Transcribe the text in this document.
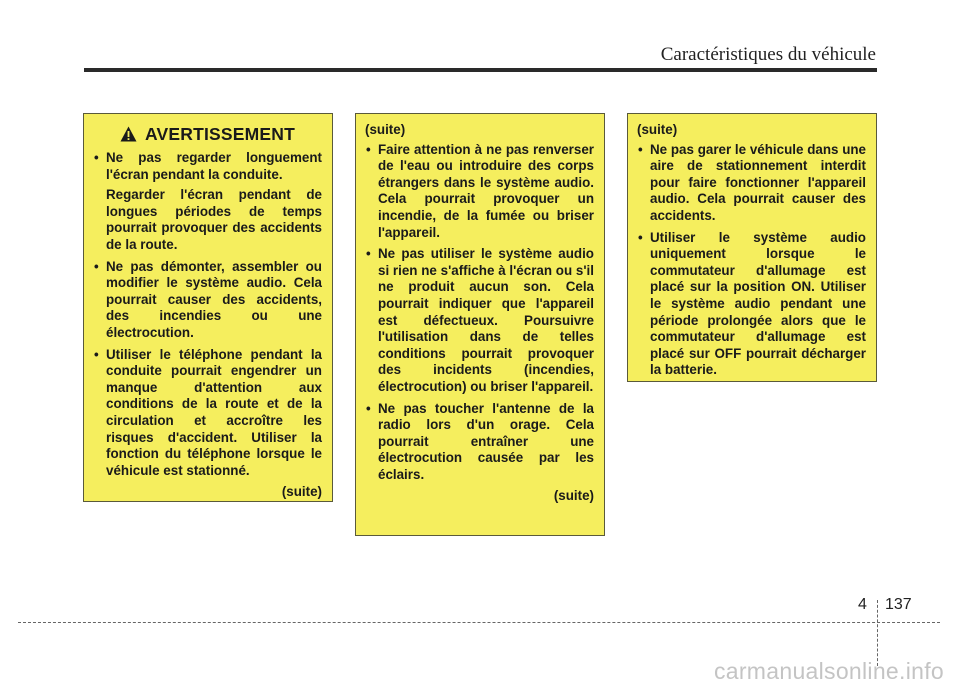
Caractéristiques du véhicule
AVERTISSEMENT

• Ne pas regarder longuement l'écran pendant la conduite.

Regarder l'écran pendant de longues périodes de temps pourrait provoquer des accidents de la route.

• Ne pas démonter, assembler ou modifier le système audio. Cela pourrait causer des accidents, des incendies ou une électrocution.

• Utiliser le téléphone pendant la conduite pourrait engendrer un manque d'attention aux conditions de la route et de la circulation et accroître les risques d'accident. Utiliser la fonction du téléphone lorsque le véhicule est stationné.

(suite)
(suite)

• Faire attention à ne pas renverser de l'eau ou introduire des corps étrangers dans le système audio. Cela pourrait provoquer un incendie, de la fumée ou briser l'appareil.

• Ne pas utiliser le système audio si rien ne s'affiche à l'écran ou s'il ne produit aucun son. Cela pourrait indiquer que l'appareil est défectueux. Poursuivre l'utilisation dans de telles conditions pourrait provoquer des incidents (incendies, électrocution) ou briser l'appareil.

• Ne pas toucher l'antenne de la radio lors d'un orage. Cela pourrait entraîner une électrocution causée par les éclairs.

(suite)
(suite)

• Ne pas garer le véhicule dans une aire de stationnement interdit pour faire fonctionner l'appareil audio. Cela pourrait causer des accidents.

• Utiliser le système audio uniquement lorsque le commutateur d'allumage est placé sur la position ON. Utiliser le système audio pendant une période prolongée alors que le commutateur d'allumage est placé sur OFF pourrait décharger la batterie.

4 137
carmanualsonline.info
